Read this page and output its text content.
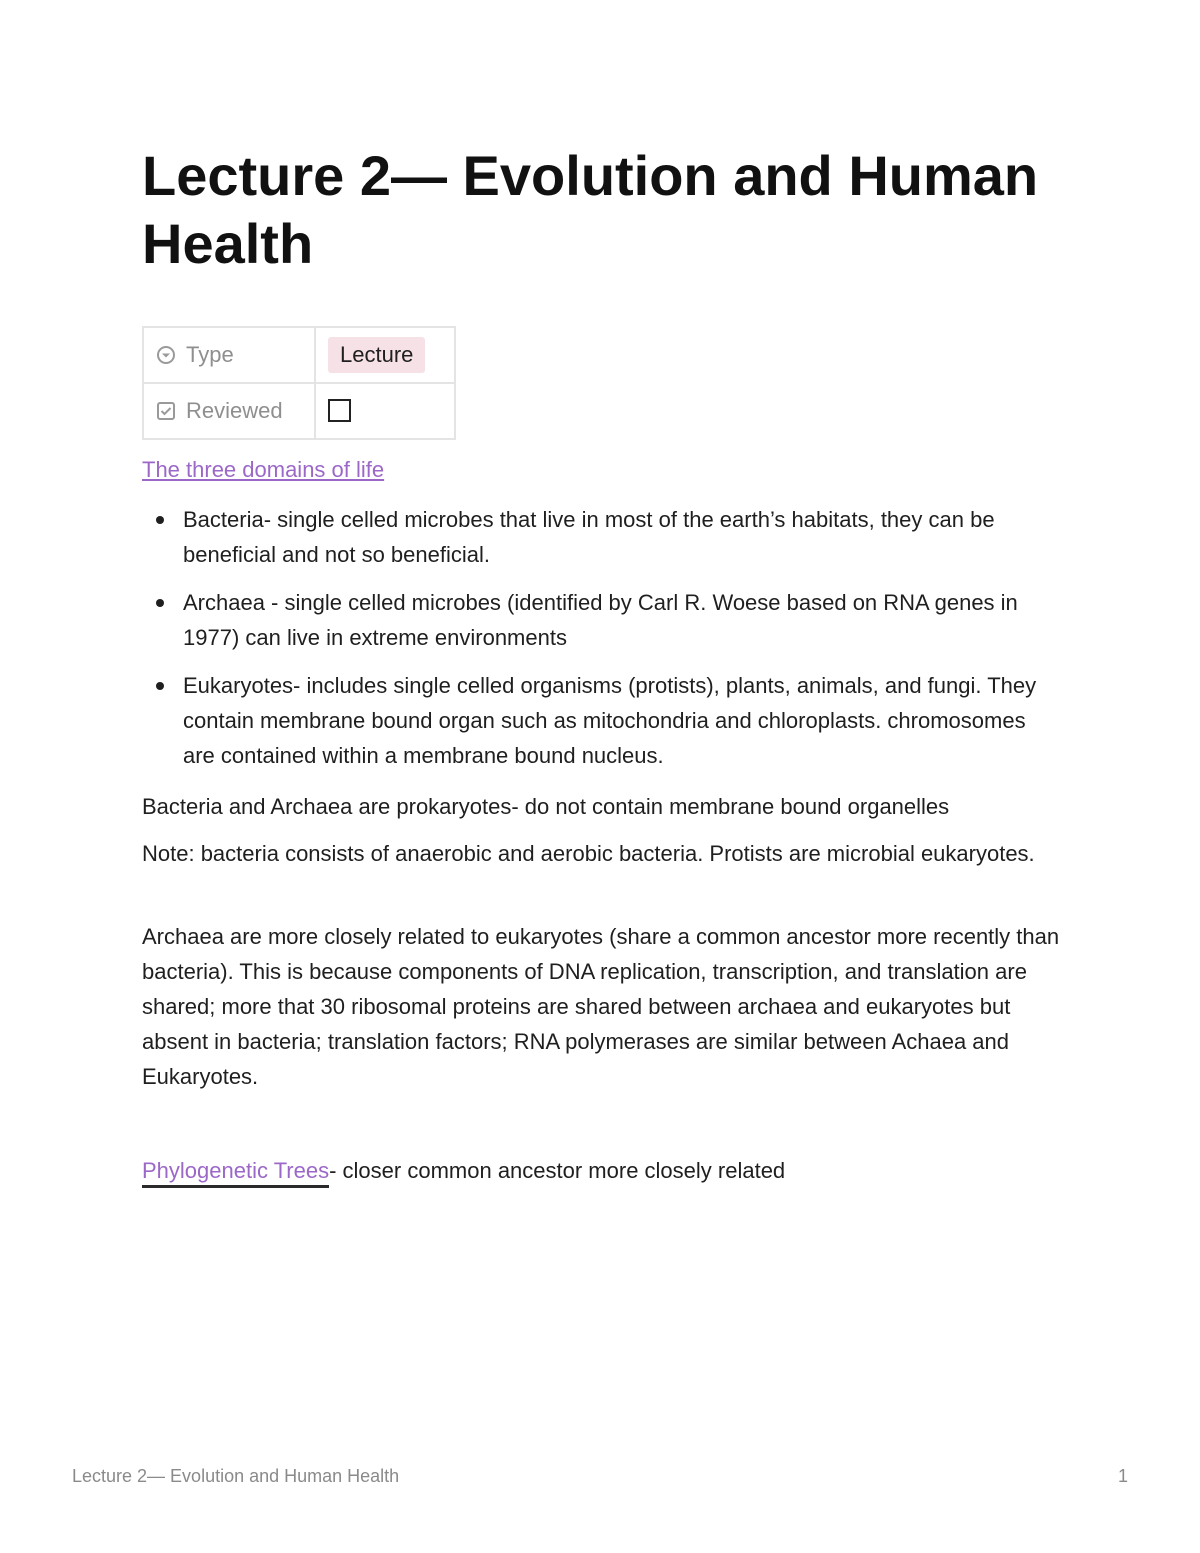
Lecture 2— Evolution and Human Health
Type	Lecture
Reviewed	

The three domains of life

Bacteria- single celled microbes that live in most of the earth’s habitats, they can be beneficial and not so beneficial.
Archaea - single celled microbes (identified by Carl R. Woese based on RNA genes in 1977) can live in extreme environments
Eukaryotes- includes single celled organisms (protists), plants, animals, and fungi. They contain membrane bound organ such as mitochondria and chloroplasts. chromosomes are contained within a membrane bound nucleus.

Bacteria and Archaea are prokaryotes- do not contain membrane bound organelles

Note: bacteria consists of anaerobic and aerobic bacteria. Protists are microbial eukaryotes.

Archaea are more closely related to eukaryotes (share a common ancestor more recently than bacteria). This is because components of DNA replication, transcription, and translation are shared; more that 30 ribosomal proteins are shared between archaea and eukaryotes but absent in bacteria; translation factors; RNA polymerases are similar between Achaea and Eukaryotes.

Phylogenetic Trees- closer common ancestor more closely related

Lecture 2— Evolution and Human Health	1
